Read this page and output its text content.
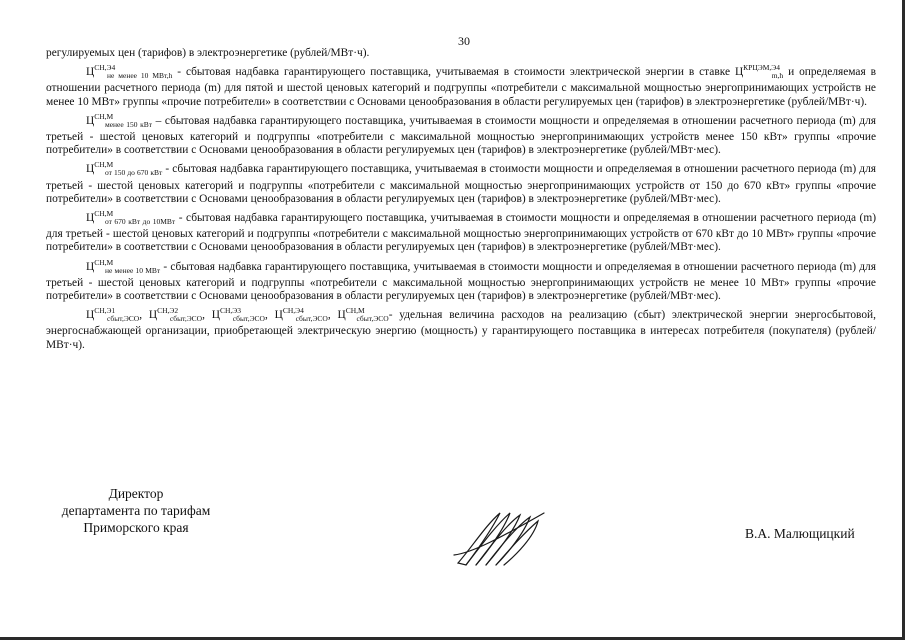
30

регулируемых цен (тарифов) в электроэнергетике (рублей/МВт·ч).

$Ц^{СН,Э4}_{не менее 10 МВт,h}$ - сбытовая надбавка гарантирующего поставщика, учитываемая в стоимости электрической энергии в ставке $Ц^{КРЦЭМ,Э4}_{m,h}$ и определяемая в отношении расчетного периода (m) для пятой и шестой ценовых категорий и подгруппы «потребители с максимальной мощностью энергопринимающих устройств не менее 10 МВт» группы «прочие потребители» в соответствии с Основами ценообразования в области регулируемых цен (тарифов) в электроэнергетике (рублей/МВт·ч).

$Ц^{СН,М}_{менее 150 кВт}$ – сбытовая надбавка гарантирующего поставщика, учитываемая в стоимости мощности и определяемая в отношении расчетного периода (m) для третьей - шестой ценовых категорий и подгруппы «потребители с максимальной мощностью энергопринимающих устройств менее 150 кВт» группы «прочие потребители» в соответствии с Основами ценообразования в области регулируемых цен (тарифов) в электроэнергетике (рублей/МВт·мес).

$Ц^{СН,М}_{от 150 до 670 кВт}$ - сбытовая надбавка гарантирующего поставщика, учитываемая в стоимости мощности и определяемая в отношении расчетного периода (m) для третьей - шестой ценовых категорий и подгруппы «потребители с максимальной мощностью энергопринимающих устройств от 150 до 670 кВт» группы «прочие потребители» в соответствии с Основами ценообразования в области регулируемых цен (тарифов) в электроэнергетике (рублей/МВт·мес).

$Ц^{СН,М}_{от 670 кВт до 10МВт}$ - сбытовая надбавка гарантирующего поставщика, учитываемая в стоимости мощности и определяемая в отношении расчетного периода (m) для третьей - шестой ценовых категорий и подгруппы «потребители с максимальной мощностью энергопринимающих устройств от 670 кВт до 10 МВт» группы «прочие потребители» в соответствии с Основами ценообразования в области регулируемых цен (тарифов) в электроэнергетике (рублей/МВт·мес).

$Ц^{СН,М}_{не менее 10 МВт}$ - сбытовая надбавка гарантирующего поставщика, учитываемая в стоимости мощности и определяемая в отношении расчетного периода (m) для третьей - шестой ценовых категорий и подгруппы «потребители с максимальной мощностью энергопринимающих устройств не менее 10 МВт» группы «прочие потребители» в соответствии с Основами ценообразования в области регулируемых цен (тарифов) в электроэнергетике (рублей/МВт·мес).

$Ц^{СН,Э1}_{сбыт,ЭСО}$, $Ц^{СН,Э2}_{сбыт,ЭСО}$, $Ц^{СН,Э3}_{сбыт,ЭСО}$, $Ц^{СН,Э4}_{сбыт,ЭСО}$, $Ц^{СН,М}_{сбыт,ЭСО}-$ удельная величина расходов на реализацию (сбыт) электрической энергии энергосбытовой, энергоснабжающей организации, приобретающей электрическую энергию (мощность) у гарантирующего поставщика в интересах потребителя (покупателя) (рублей/МВт·ч).

Директор
департамента по тарифам
Приморского края	В.А. Малющицкий
